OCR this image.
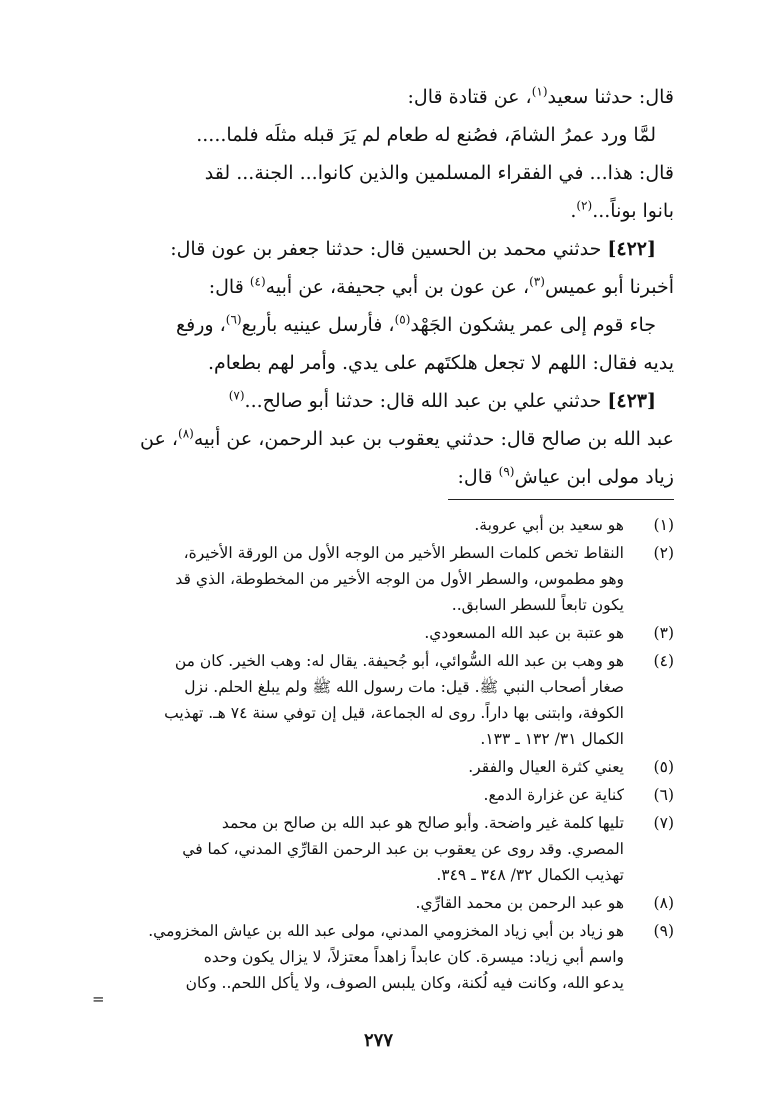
قال: حدثنا سعيد$^{(١)}$، عن قتادة قال:
لمَّا ورد عمرُ الشامَ، فصُنع له طعام لم يَرَ قبله مثلَه فلما.....
قال: هذا... في الفقراء المسلمين والذين كانوا... الجنة... لقد
بانوا بوناً...$^{(٢)}$.
[٤٢٢] حدثني محمد بن الحسين قال: حدثنا جعفر بن عون قال:
أخبرنا أبو عميس$^{(٣)}$، عن عون بن أبي جحيفة، عن أبيه$^{(٤)}$ قال:
جاء قوم إلى عمر يشكون الجَهْد$^{(٥)}$، فأرسل عينيه بأربع$^{(٦)}$، ورفع
يديه فقال: اللهم لا تجعل هلكتَهم على يدي. وأمر لهم بطعام.
[٤٢٣] حدثني علي بن عبد الله قال: حدثنا أبو صالح...$^{(٧)}$
عبد الله بن صالح قال: حدثني يعقوب بن عبد الرحمن، عن أبيه$^{(٨)}$، عن
زياد مولى ابن عياش$^{(٩)}$ قال:
(١)
هو سعيد بن أبي عروبة.
(٢)
النقاط تخص كلمات السطر الأخير من الوجه الأول من الورقة الأخيرة،
وهو مطموس، والسطر الأول من الوجه الأخير من المخطوطة، الذي قد
يكون تابعاً للسطر السابق..
(٣)
هو عتبة بن عبد الله المسعودي.
(٤)
هو وهب بن عبد الله السُّوائي، أبو جُحيفة. يقال له: وهب الخير. كان من
صغار أصحاب النبي ﷺ. قيل: مات رسول الله ﷺ ولم يبلغ الحلم. نزل
الكوفة، وابتنى بها داراً. روى له الجماعة، قيل إن توفي سنة ٧٤ هـ. تهذيب
الكمال ٣١/ ١٣٢ ـ ١٣٣.
(٥)
يعني كثرة العيال والفقر.
(٦)
كناية عن غزارة الدمع.
(٧)
تليها كلمة غير واضحة. وأبو صالح هو عبد الله بن صالح بن محمد
المصري. وقد روى عن يعقوب بن عبد الرحمن القارِّي المدني، كما في
تهذيب الكمال ٣٢/ ٣٤٨ ـ ٣٤٩.
(٨)
هو عبد الرحمن بن محمد القارِّي.
(٩)
هو زياد بن أبي زياد المخزومي المدني، مولى عبد الله بن عياش المخزومي.
واسم أبي زياد: ميسرة. كان عابداً زاهداً معتزلاً، لا يزال يكون وحده
يدعو الله، وكانت فيه لُكنة، وكان يلبس الصوف، ولا يأكل اللحم.. وكان
=
٢٧٧
